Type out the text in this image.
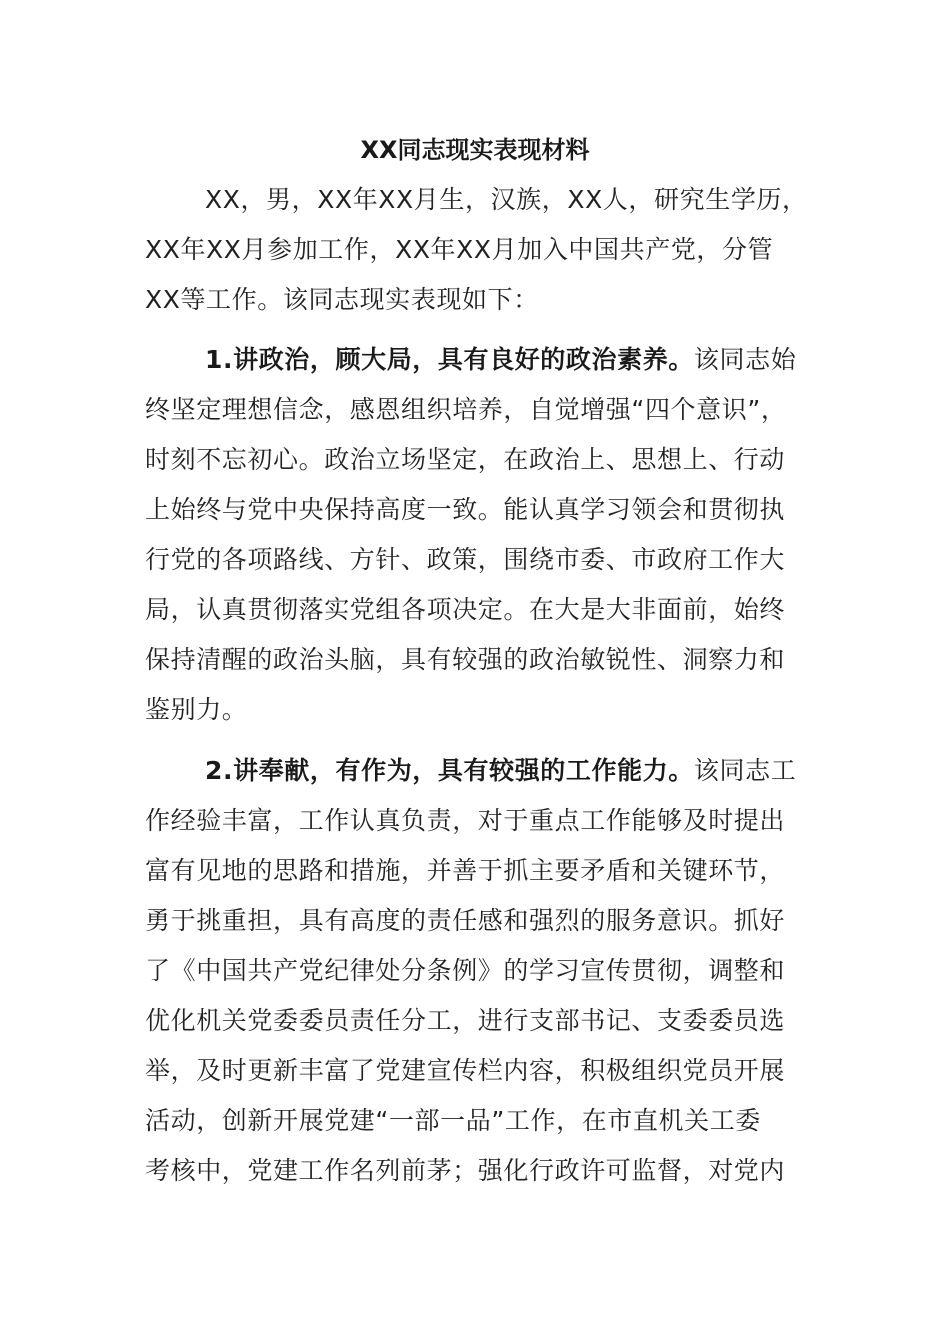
XX同志现实表现材料
XX，男，XX年XX月生，汉族，XX人，研究生学历，
XX年XX月参加工作，XX年XX月加入中国共产党，分管
XX等工作。该同志现实表现如下：
1.讲政治，顾大局，具有良好的政治素养。该同志始
终坚定理想信念，感恩组织培养，自觉增强“四个意识”，
时刻不忘初心。政治立场坚定，在政治上、思想上、行动
上始终与党中央保持高度一致。能认真学习领会和贯彻执
行党的各项路线、方针、政策，围绕市委、市政府工作大
局，认真贯彻落实党组各项决定。在大是大非面前，始终
保持清醒的政治头脑，具有较强的政治敏锐性、洞察力和
鉴别力。
2.讲奉献，有作为，具有较强的工作能力。该同志工
作经验丰富，工作认真负责，对于重点工作能够及时提出
富有见地的思路和措施，并善于抓主要矛盾和关键环节，
勇于挑重担，具有高度的责任感和强烈的服务意识。抓好
了《中国共产党纪律处分条例》的学习宣传贯彻，调整和
优化机关党委委员责任分工，进行支部书记、支委委员选
举，及时更新丰富了党建宣传栏内容，积极组织党员开展
活动，创新开展党建“一部一品”工作，在市直机关工委
考核中，党建工作名列前茅；强化行政许可监督，对党内
